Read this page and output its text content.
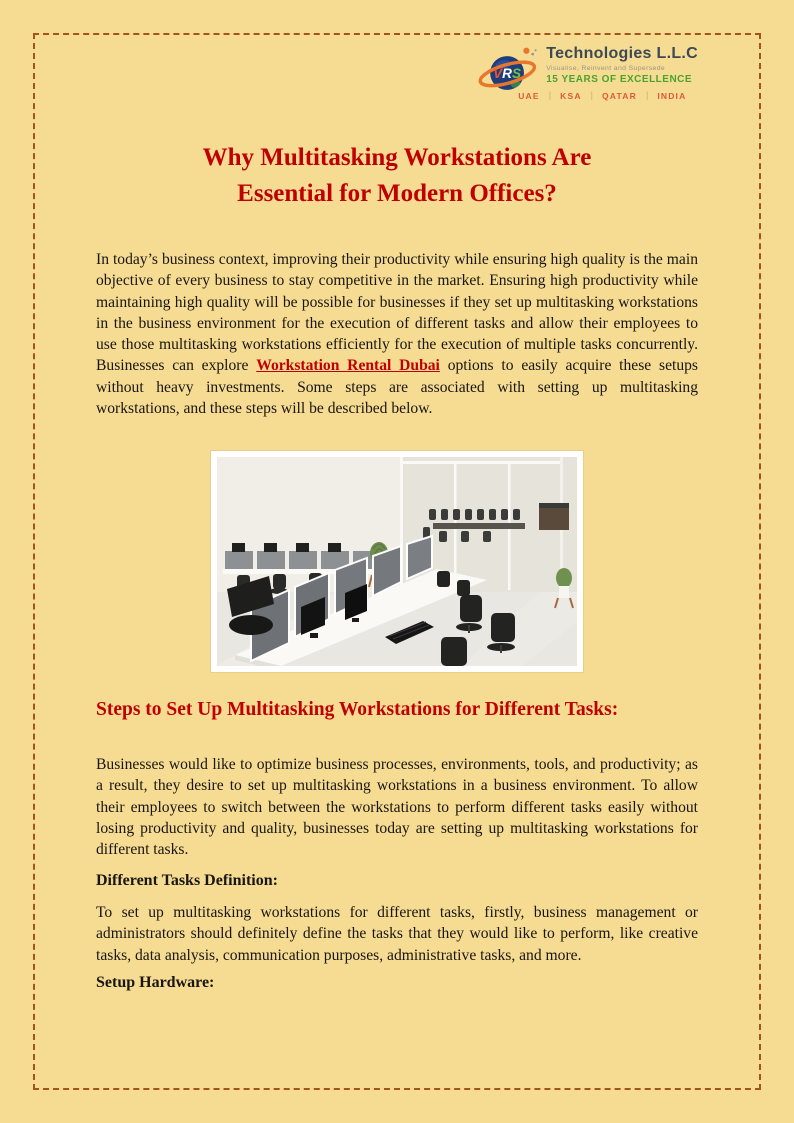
VRS
Technologies L.L.C
Visualise, Reinvent and Supersede
15 YEARS OF EXCELLENCE
UAE | KSA | QATAR | INDIA
Why Multitasking Workstations Are
Essential for Modern Offices?

In today’s business context, improving their productivity while ensuring high quality is the main objective of every business to stay competitive in the market. Ensuring high productivity while maintaining high quality will be possible for businesses if they set up multitasking workstations in the business environment for the execution of different tasks and allow their employees to use those multitasking workstations efficiently for the execution of multiple tasks concurrently. Businesses can explore Workstation Rental Dubai options to easily acquire these setups without heavy investments. Some steps are associated with setting up multitasking workstations, and these steps will be described below.

Steps to Set Up Multitasking Workstations for Different Tasks:

Businesses would like to optimize business processes, environments, tools, and productivity; as a result, they desire to set up multitasking workstations in a business environment. To allow their employees to switch between the workstations to perform different tasks easily without losing productivity and quality, businesses today are setting up multitasking workstations for different tasks.

Different Tasks Definition:

To set up multitasking workstations for different tasks, firstly, business management or administrators should definitely define the tasks that they would like to perform, like creative tasks, data analysis, communication purposes, administrative tasks, and more.

Setup Hardware:
